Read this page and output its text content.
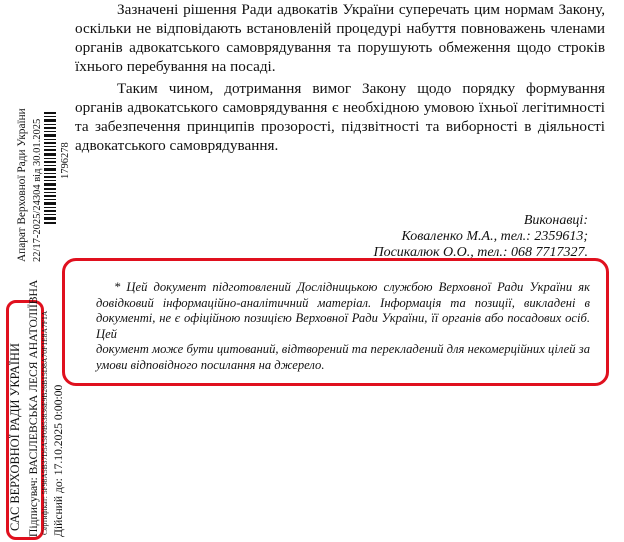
Зазначені рішення Ради адвокатів України суперечать цим нормам Закону,
оскільки не відповідають встановленій процедурі набуття повноважень членами
органів адвокатського самоврядування та порушують обмеження щодо строків
їхнього перебування на посаді.
Таким чином, дотримання вимог Закону щодо порядку формування
органів адвокатського самоврядування є необхідною умовою їхньої легітимності
та забезпечення принципів прозорості, підзвітності та виборності в діяльності
адвокатського самоврядування.
Виконавці:
Коваленко М.А., тел.: 2359613;
Посикалюк О.О., тел.: 068 7717327.
* Цей документ підготовлений Дослідницькою службою Верховної Ради України як
довідковий інформаційно-аналітичний матеріал. Інформація та позиції, викладені в
документі, не є офіційною позицією Верховної Ради України, її органів або посадових осіб. Цей
документ може бути цитований, відтворений та перекладений для некомерційних цілей за
умови відповідного посилання на джерело.
Апарат Верховної Ради України 22/17-2025/24304 від 30.01.2025 1796278
САС ВЕРХОВНОЇ РАДИ УКРАЇНИ Підписувач: ВАСІЛЕВСЬКА ЛЕСЯ АНАТОЛІЇВНА Сертифікат: 5F98A5B37D5A5F0B53836E9B26B15D8A70F1E8A7F1A Дійсний до: 17.10.2025 0:00:00
